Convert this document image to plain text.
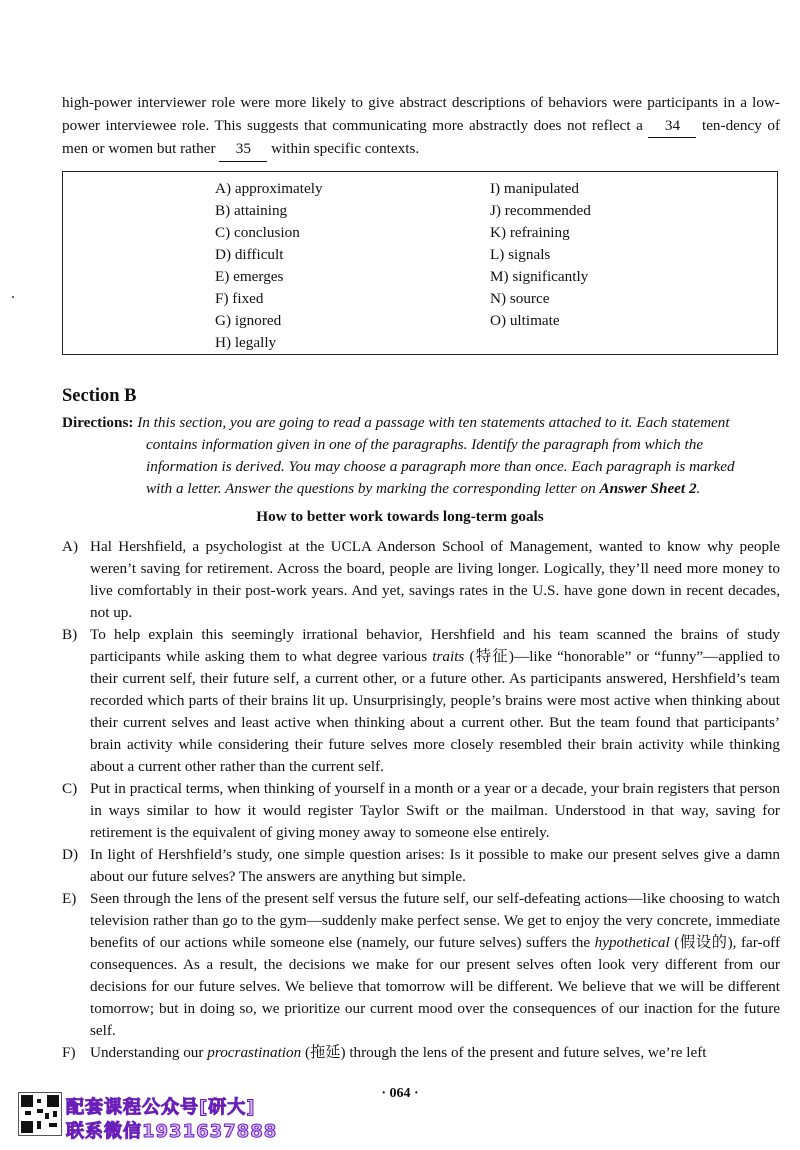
high-power interviewer role were more likely to give abstract descriptions of behaviors were participants in a low-power interviewee role. This suggests that communicating more abstractly does not reflect a 34 ten-dency of men or women but rather 35 within specific contexts.

A) approximately
B) attaining
C) conclusion
D) difficult
E) emerges
F) fixed
G) ignored
H) legally
I) manipulated
J) recommended
K) refraining
L) signals
M) significantly
N) source
O) ultimate
Section B
Directions: In this section, you are going to read a passage with ten statements attached to it. Each statement
contains information given in one of the paragraphs. Identify the paragraph from which the
information is derived. You may choose a paragraph more than once. Each paragraph is marked
with a letter. Answer the questions by marking the corresponding letter on Answer Sheet 2.
How to better work towards long-term goals

A) Hal Hershfield, a psychologist at the UCLA Anderson School of Management, wanted to know why people weren’t saving for retirement. Across the board, people are living longer. Logically, they’ll need more money to live comfortably in their post-work years. And yet, savings rates in the U.S. have gone down in recent decades, not up.

B) To help explain this seemingly irrational behavior, Hershfield and his team scanned the brains of study participants while asking them to what degree various traits (特征)—like “honorable” or “funny”—applied to their current self, their future self, a current other, or a future other. As participants answered, Hershfield’s team recorded which parts of their brains lit up. Unsurprisingly, people’s brains were most active when thinking about their current selves and least active when thinking about a current other. But the team found that participants’ brain activity while considering their future selves more closely resembled their brain activity while thinking about a current other rather than the current self.

C) Put in practical terms, when thinking of yourself in a month or a year or a decade, your brain registers that person in ways similar to how it would register Taylor Swift or the mailman. Understood in that way, saving for retirement is the equivalent of giving money away to someone else entirely.

D) In light of Hershfield’s study, one simple question arises: Is it possible to make our present selves give a damn about our future selves? The answers are anything but simple.

E) Seen through the lens of the present self versus the future self, our self-defeating actions—like choosing to watch television rather than go to the gym—suddenly make perfect sense. We get to enjoy the very concrete, immediate benefits of our actions while someone else (namely, our future selves) suffers the hypothetical (假设的), far-off consequences. As a result, the decisions we make for our present selves often look very different from our decisions for our future selves. We believe that tomorrow will be different. We believe that we will be different tomorrow; but in doing so, we prioritize our current mood over the consequences of our inaction for the future self.

F) Understanding our procrastination (拖延) through the lens of the present and future selves, we’re left

· 064 ·
配套课程公众号[研大]
联系微信1931637888
